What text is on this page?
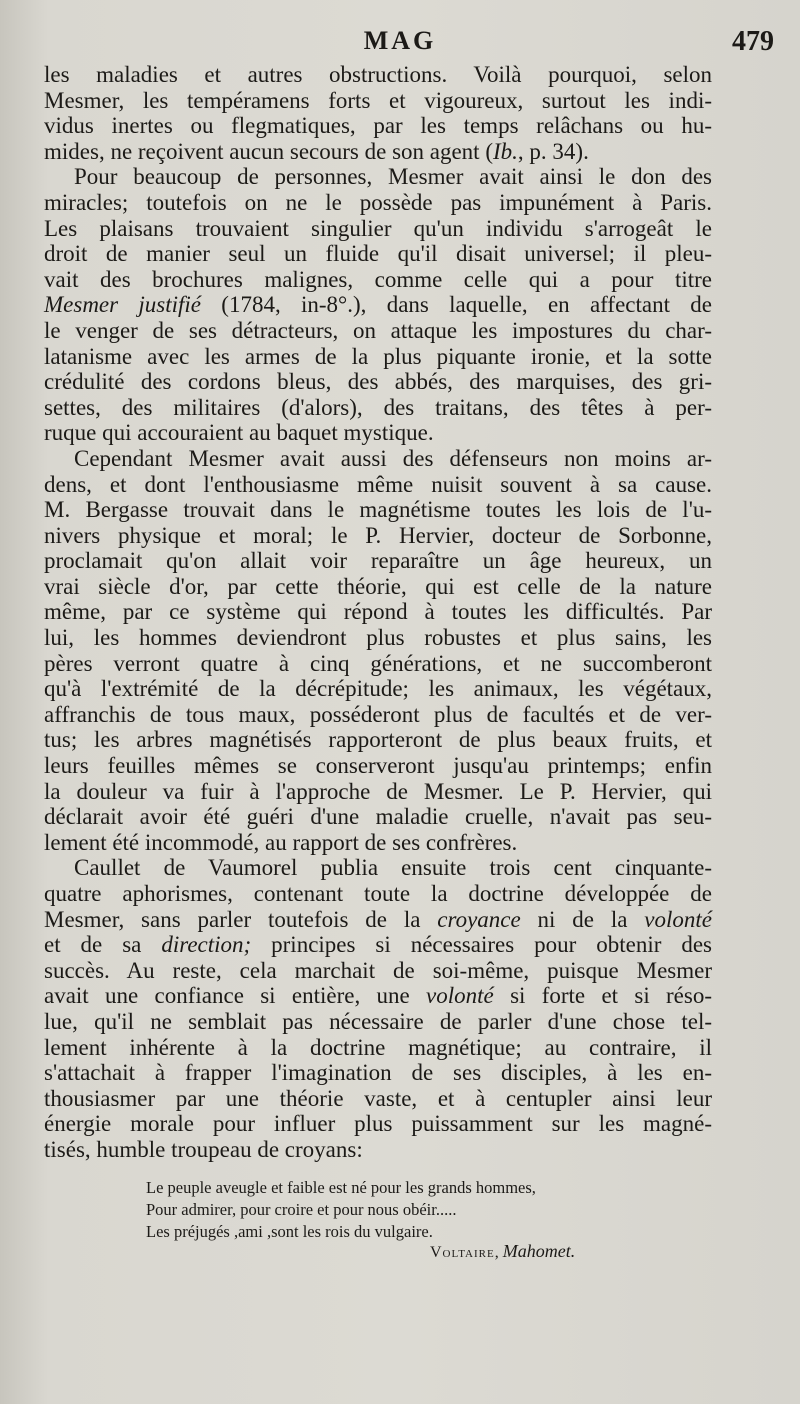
MAG	479
les maladies et autres obstructions. Voilà pourquoi, selon
Mesmer, les tempéramens forts et vigoureux, surtout les indi-
vidus inertes ou flegmatiques, par les temps relâchans ou hu-
mides, ne reçoivent aucun secours de son agent (Ib., p. 34).
Pour beaucoup de personnes, Mesmer avait ainsi le don des
miracles; toutefois on ne le possède pas impunément à Paris.
Les plaisans trouvaient singulier qu'un individu s'arrogeât le
droit de manier seul un fluide qu'il disait universel; il pleu-
vait des brochures malignes, comme celle qui a pour titre
Mesmer justifié (1784, in-8°.), dans laquelle, en affectant de
le venger de ses détracteurs, on attaque les impostures du char-
latanisme avec les armes de la plus piquante ironie, et la sotte
crédulité des cordons bleus, des abbés, des marquises, des gri-
settes, des militaires (d'alors), des traitans, des têtes à per-
ruque qui accouraient au baquet mystique.
Cependant Mesmer avait aussi des défenseurs non moins ar-
dens, et dont l'enthousiasme même nuisit souvent à sa cause.
M. Bergasse trouvait dans le magnétisme toutes les lois de l'u-
nivers physique et moral; le P. Hervier, docteur de Sorbonne,
proclamait qu'on allait voir reparaître un âge heureux, un
vrai siècle d'or, par cette théorie, qui est celle de la nature
même, par ce système qui répond à toutes les difficultés. Par
lui, les hommes deviendront plus robustes et plus sains, les
pères verront quatre à cinq générations, et ne succomberont
qu'à l'extrémité de la décrépitude; les animaux, les végétaux,
affranchis de tous maux, posséderont plus de facultés et de ver-
tus; les arbres magnétisés rapporteront de plus beaux fruits, et
leurs feuilles mêmes se conserveront jusqu'au printemps; enfin
la douleur va fuir à l'approche de Mesmer. Le P. Hervier, qui
déclarait avoir été guéri d'une maladie cruelle, n'avait pas seu-
lement été incommodé, au rapport de ses confrères.
Caullet de Vaumorel publia ensuite trois cent cinquante-
quatre aphorismes, contenant toute la doctrine développée de
Mesmer, sans parler toutefois de la croyance ni de la volonté
et de sa direction; principes si nécessaires pour obtenir des
succès. Au reste, cela marchait de soi-même, puisque Mesmer
avait une confiance si entière, une volonté si forte et si réso-
lue, qu'il ne semblait pas nécessaire de parler d'une chose tel-
lement inhérente à la doctrine magnétique; au contraire, il
s'attachait à frapper l'imagination de ses disciples, à les en-
thousiasmer par une théorie vaste, et à centupler ainsi leur
énergie morale pour influer plus puissamment sur les magné-
tisés, humble troupeau de croyans:
Le peuple aveugle et faible est né pour les grands hommes,
Pour admirer, pour croire et pour nous obéir.....
Les préjugés ,ami ,sont les rois du vulgaire.
Voltaire, Mahomet.
